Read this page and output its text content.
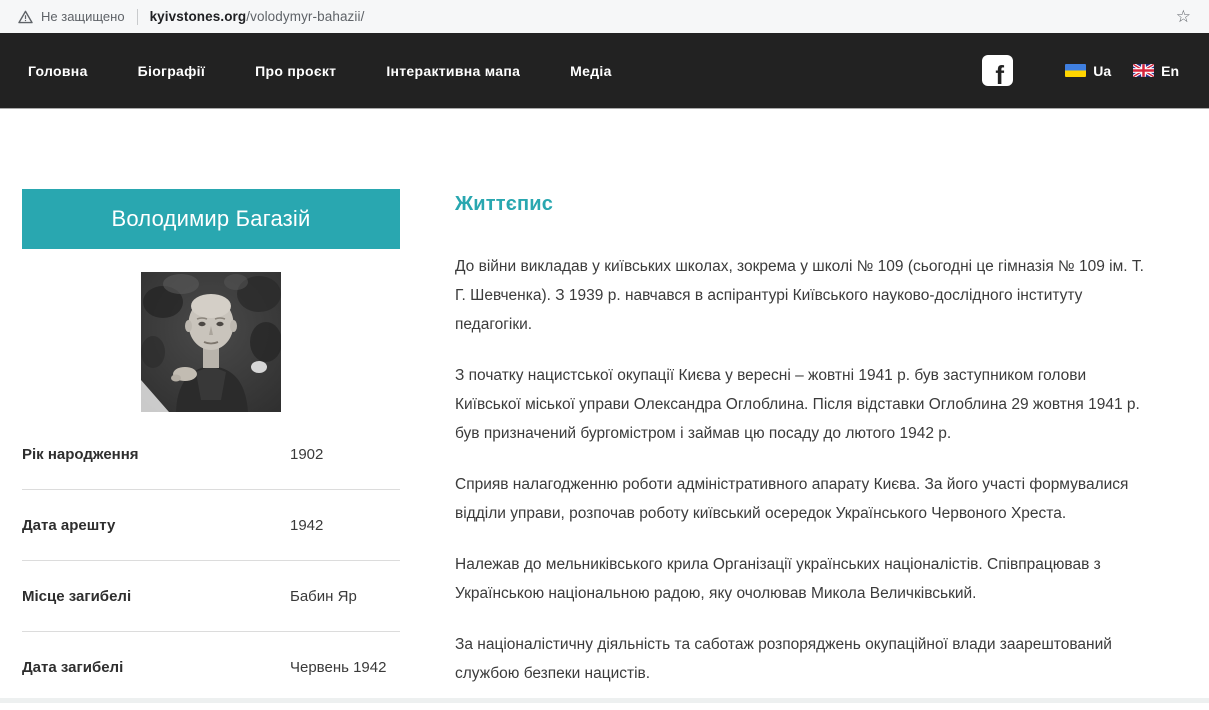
Не защищено kyivstones.org/volodymyr-bahazii/	☆
Головна	Біографії	Про проєкт	Інтерактивна мапа	Медіа	f	Ua	En
Володимир Багазій
Рік народження	1902
Дата арешту	1942
Місце загибелі	Бабин Яр
Дата загибелі	Червень 1942
Життєпис

До війни викладав у київських школах, зокрема у школі № 109 (сьогодні це гімназія № 109 ім. Т. Г. Шевченка). З 1939 р. навчався в аспірантурі Київського науково-дослідного інституту педагогіки.

З початку нацистської окупації Києва у вересні – жовтні 1941 р. був заступником голови Київської міської управи Олександра Оглоблина. Після відставки Оглоблина 29 жовтня 1941 р. був призначений бургомістром і займав цю посаду до лютого 1942 р.

Сприяв налагодженню роботи адміністративного апарату Києва. За його участі формувалися відділи управи, розпочав роботу київський осередок Українського Червоного Хреста.

Належав до мельниківського крила Організації українських націоналістів. Співпрацював з Українською національною радою, яку очолював Микола Величківський.

За націоналістичну діяльність та саботаж розпоряджень окупаційної влади заарештований службою безпеки нацистів.
